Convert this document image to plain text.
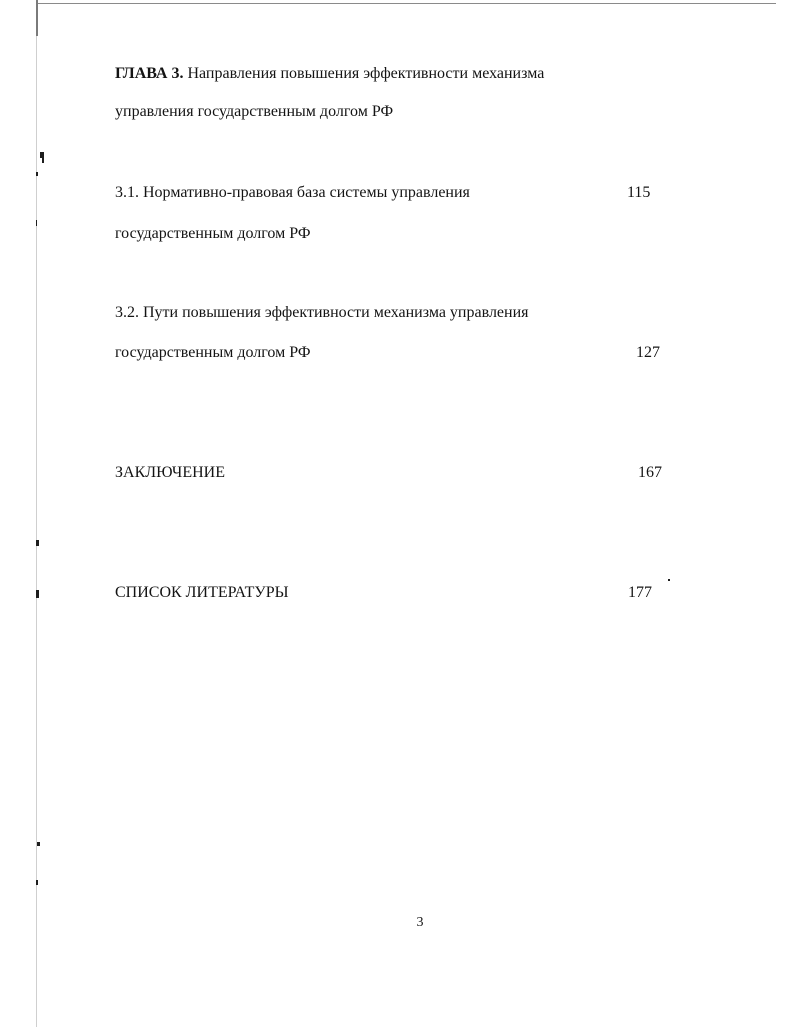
ГЛАВА 3. Направления повышения эффективности механизма
управления государственным долгом РФ
3.1. Нормативно-правовая база системы управления	115
государственным долгом РФ
3.2. Пути повышения эффективности механизма управления
государственным долгом РФ	127
ЗАКЛЮЧЕНИЕ	167
СПИСОК ЛИТЕРАТУРЫ	177
3
